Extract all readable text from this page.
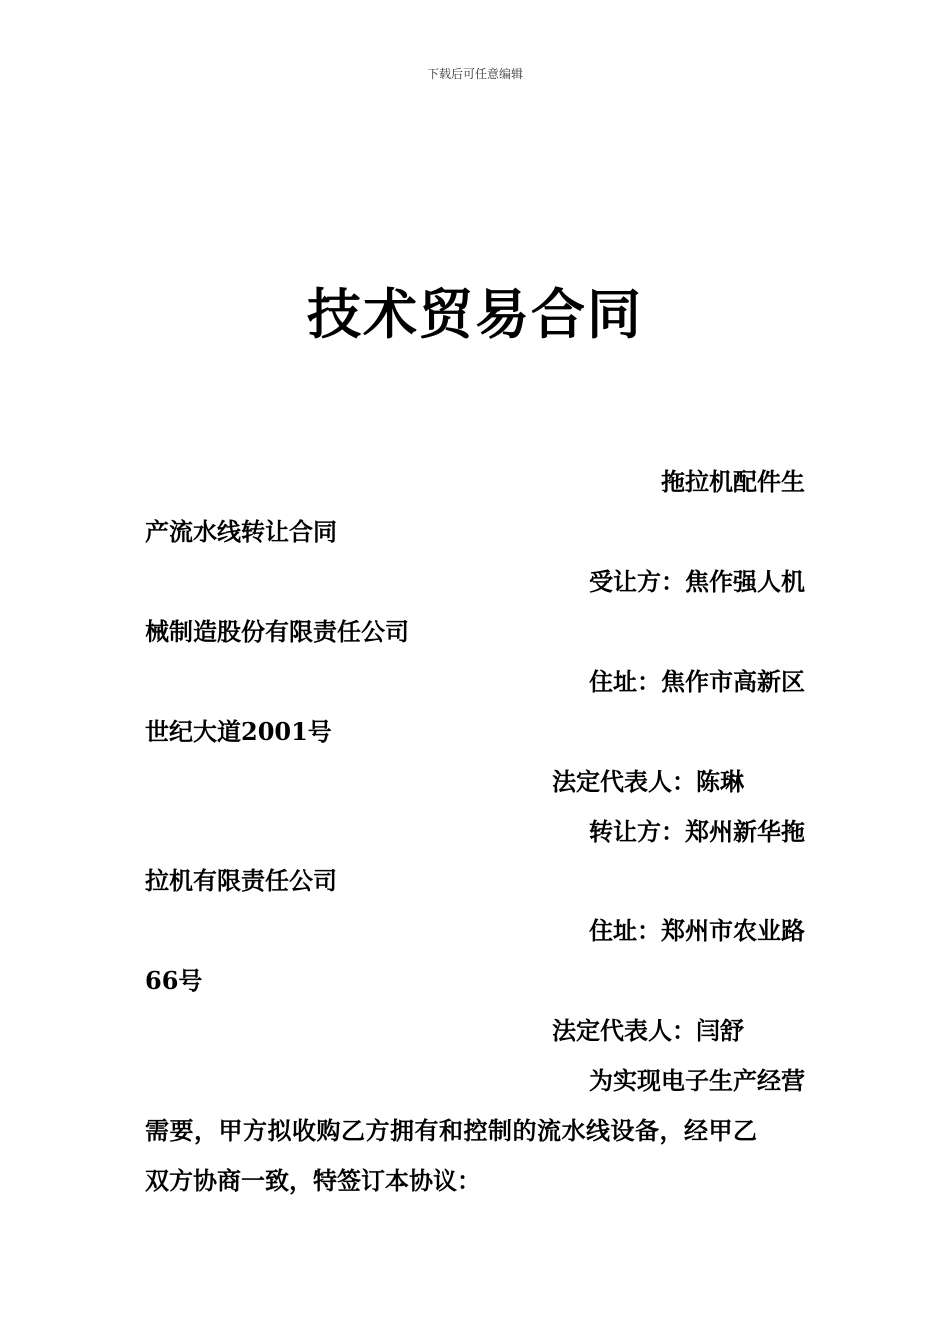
下载后可任意编辑
技术贸易合同
拖拉机配件生
产流水线转让合同
受让方：焦作强人机
械制造股份有限责任公司
住址：焦作市高新区
世纪大道2001号
法定代表人：陈琳
转让方：郑州新华拖
拉机有限责任公司
住址：郑州市农业路
66号
法定代表人：闫舒
为实现电子生产经营
需要，甲方拟收购乙方拥有和控制的流水线设备，经甲乙
双方协商一致，特签订本协议：
